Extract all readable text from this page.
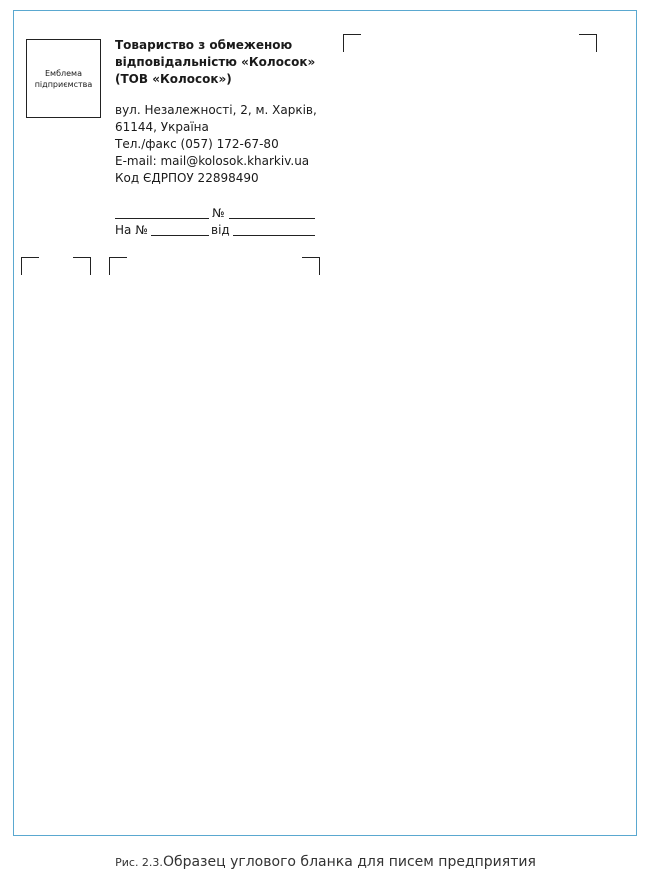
Емблема
підприємства
Товариство з обмеженою
відповідальністю «Колосок»
(ТОВ «Колосок»)
вул. Незалежності, 2, м. Харків,
61144, Україна
Тел./факс (057) 172-67-80
E-mail: mail@kolosok.kharkiv.ua
Код ЄДРПОУ 22898490
№
На №	від
Рис. 2.3.Образец углового бланка для писем предприятия
